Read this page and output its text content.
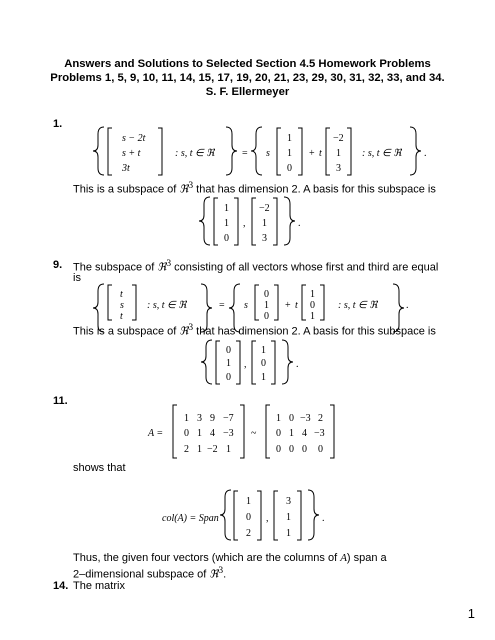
Answers and Solutions to Selected Section 4.5 Homework Problems
Problems 1, 5, 9, 10, 11, 14, 15, 17, 19, 20, 21, 23, 29, 30, 31, 32, 33, and 34.
S. F. Ellermeyer
1.
9.
11.
14.
This is a subspace of ℜ$^3$ that has dimension 2. A basis for this subspace is
The subspace of ℜ$^3$ consisting of all vectors whose first and third are equal
is
This is a subspace of ℜ$^3$ that has dimension 2. A basis for this subspace is
shows that
Thus, the given four vectors (which are the columns of A) span a
2–dimensional subspace of ℜ$^3$.
The matrix
s − 2t
s + t
3t
: s, t ∈ ℜ	= s
1
1
0
+ t
−2
1
3
: s, t ∈ ℜ .
1
1
0
,
−2
1
3
.
t
s
t
: s, t ∈ ℜ	= s
0
1
0
+ t
1
0
1
: s, t ∈ ℜ	.
0
1
0
,
1
0
1
.
A =
1 3 9 −7
0 1 4 −3
2 1 −2 1
~
1 0 −3 2
0 1 4 −3
0 0 0 0
col(A) = Span
1
0
2
,
3
1
1
.
1
